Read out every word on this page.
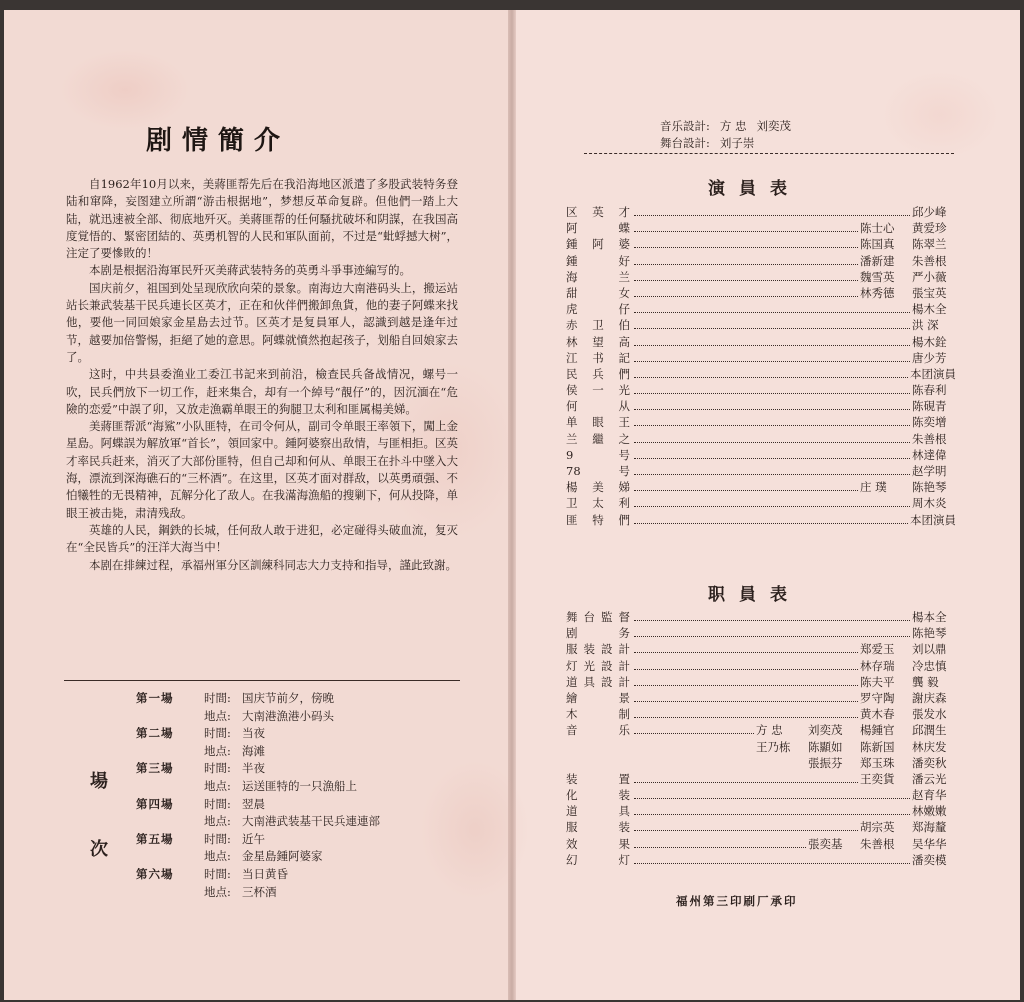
剧情簡介

自1962年10月以来，美蔣匪帮先后在我沿海地区派遣了多股武装特务登陆和窜降，妄图建立所謂“游击根据地”，梦想反革命复辟。但他們一踏上大陆，就迅速被全部、彻底地歼灭。美蔣匪帮的任何騷扰破坏和阴謀，在我国高度覚悟的、緊密团結的、英勇机智的人民和軍队面前，不过是“蚍蜉撼大树”，注定了要慘敗的！

本剧是根据沿海軍民歼灭美蔣武装特务的英勇斗爭事迹編写的。

国庆前夕，祖国到处呈现欣欣向荣的景象。南海边大南港码头上，搬运站站长兼武装基干民兵連长区英才，正在和伙伴們搬卸魚貨，他的妻子阿蝶来找他，要他一同回娘家金星島去过节。区英才是复員軍人，認識到越是逢年过节，越要加倍警惕，拒絕了她的意思。阿蝶就憤然抱起孩子，划船自回娘家去了。

这时，中共县委渔业工委江书記来到前沿，檢查民兵备战情况，螺号一吹，民兵們放下一切工作，赶来集合，却有一个綽号“靚仔”的，因沉湎在“危險的恋爱”中誤了卯，又放走漁霸单眼王的狗腿卫太利和匪属楊美娣。

美蔣匪帮派“海鯊”小队匪特，在司令何从，副司令单眼王率領下，闖上金星島。阿蝶誤为解放軍“首长”，領回家中。鍾阿婆察出敌情，与匪相拒。区英才率民兵赶来，消灭了大部份匪特，但自己却和何从、单眼王在扑斗中墜入大海，漂流到深海礁石的“三杯酒”。在这里，区英才面对群敌，以英勇頑强、不怕犧牲的无畏精神，瓦解分化了敌人。在我滿海漁船的搜剿下，何从投降，单眼王被击毙，肃清残敌。

英雄的人民，鋼鉄的长城，任何敌人敢于进犯，必定碰得头破血流，复灭在“全民皆兵”的汪洋大海当中！

本剧在排練过程，承福州軍分区訓練科同志大力支持和指导，謹此致謝。

場次
第一場	时間: 国庆节前夕，傍晚
地点: 大南港漁港小码头
第二場	时間: 当夜
地点: 海滩
第三場	时間: 半夜
地点: 运送匪特的一只漁船上
第四場	时間: 翌晨
地点: 大南港武装基干民兵連連部
第五場	时間: 近午
地点: 金星島鍾阿婆家
第六場	时間: 当日黄昏
地点: 三杯酒
音乐設計: 方 忠 刘奕茂
舞台設計: 刘子崇
演員表
区英才	邱少峰
阿蝶	陈士心	黄爱珍
鍾阿婆	陈国真	陈翠兰
鍾好	潘新建	朱善根
海兰	魏雪英	严小薇
甜女	林秀德	張宝英
虎仔	楊木全
赤卫伯	洪 深
林望高	楊木銓
江书記	唐少芳
民兵們	本团演員
侯一光	陈春利
何从	陈硯青
单眼王	陈奕增
兰繼之	朱善根
9号	林達偉
78号	赵学明
楊美娣	庄 璞	陈艳琴
卫太利	周木炎
匪特們	本团演員
职員表
舞台監督	楊本全
剧务	陈艳琴
服装設計	郑爱玉	刘以鼎
灯光設計	林存瑞	冷忠慎
道具設計	陈夫平	龔 毅
繪景	罗守陶	謝庆森
木制	黄木春	張发水
音乐	方 忠	刘奕茂	楊鍾官	邱潤生
王乃栋	陈顯如	陈新国	林庆发
張振芬	郑玉珠	潘奕秋
装置	王奕貨	潘云光
化装	赵育华
道具	林嫩嫩
服装	胡宗英	郑海釐
效果	張奕基	朱善根	吴华华
幻灯	潘奕模
福州第三印刷厂承印
